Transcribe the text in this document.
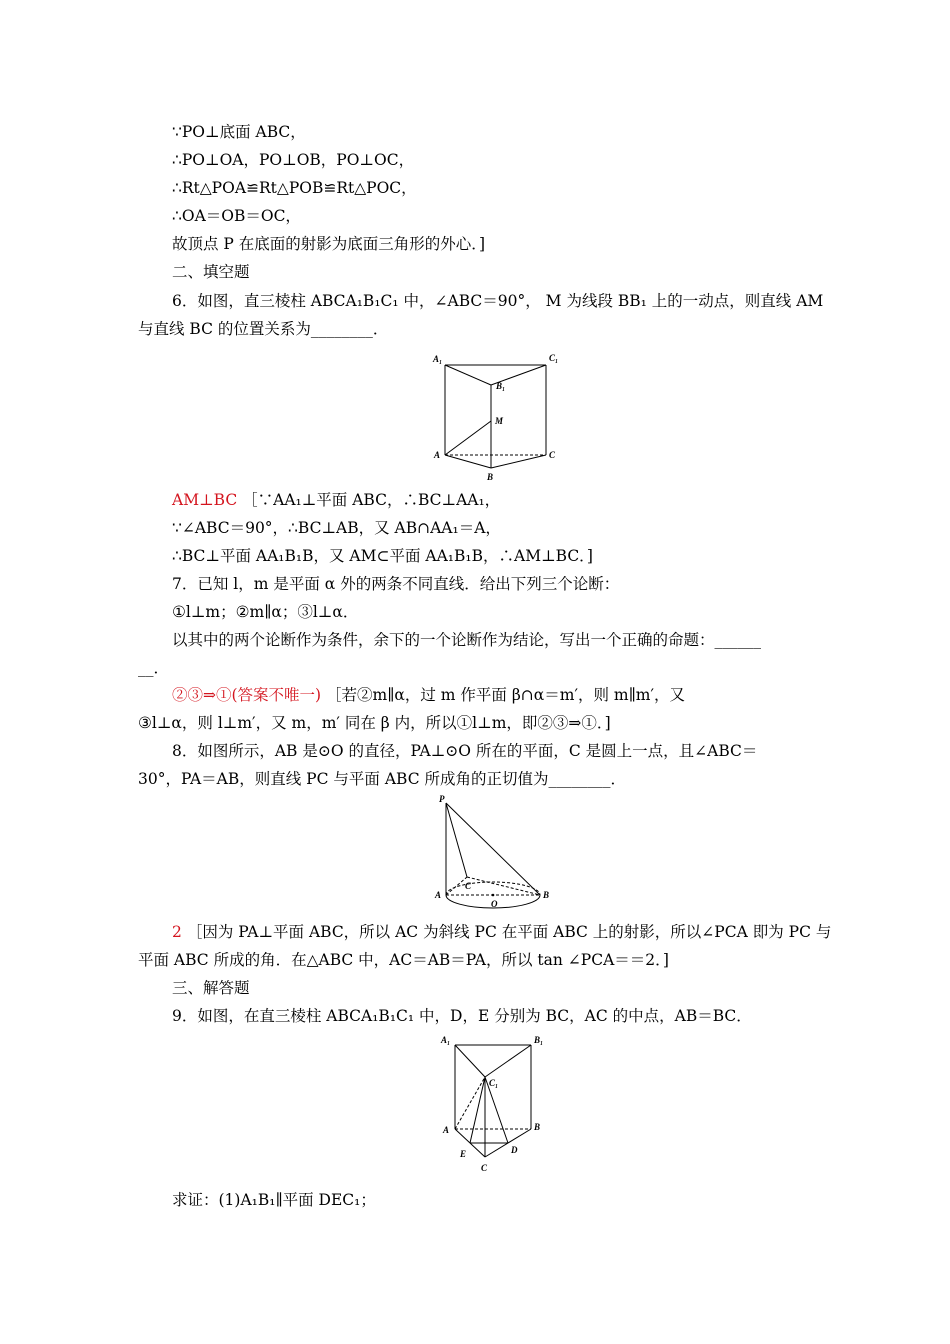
∵PO⊥底面 ABC，
∴PO⊥OA，PO⊥OB，PO⊥OC，
∴Rt△POA≌Rt△POB≌Rt△POC，
∴OA＝OB＝OC，
故顶点 P 在底面的射影为底面三角形的外心．]
二、填空题
6．如图，直三棱柱 ABCA₁B₁C₁ 中，∠ABC＝90°， M 为线段 BB₁ 上的一动点，则直线 AM
与直线 BC 的位置关系为________．
A₁	C₁
B₁
M
A	C
B
AM⊥BC ［∵AA₁⊥平面 ABC，∴BC⊥AA₁，
∵∠ABC＝90°，∴BC⊥AB，又 AB∩AA₁＝A，
∴BC⊥平面 AA₁B₁B，又 AM⊂平面 AA₁B₁B，∴AM⊥BC．]
7．已知 l，m 是平面 α 外的两条不同直线．给出下列三个论断：
①l⊥m；②m∥α；③l⊥α．
以其中的两个论断作为条件，余下的一个论断作为结论，写出一个正确的命题：______
__．
②③⇒①(答案不唯一) ［若②m∥α，过 m 作平面 β∩α＝m′，则 m∥m′，又
③l⊥α，则 l⊥m′，又 m，m′ 同在 β 内，所以①l⊥m，即②③⇒①．]
8．如图所示，AB 是⊙O 的直径，PA⊥⊙O 所在的平面，C 是圆上一点，且∠ABC＝
30°，PA＝AB，则直线 PC 与平面 ABC 所成角的正切值为________．
P
A
C
O
B
2 ［因为 PA⊥平面 ABC，所以 AC 为斜线 PC 在平面 ABC 上的射影，所以∠PCA 即为 PC 与
平面 ABC 所成的角．在△ABC 中，AC＝AB＝PA，所以 tan ∠PCA＝＝2．]
三、解答题
9．如图，在直三棱柱 ABCA₁B₁C₁ 中，D，E 分别为 BC，AC 的中点，AB＝BC．
A₁	B₁
C₁
A	B
E	D
C
求证：(1)A₁B₁∥平面 DEC₁；
